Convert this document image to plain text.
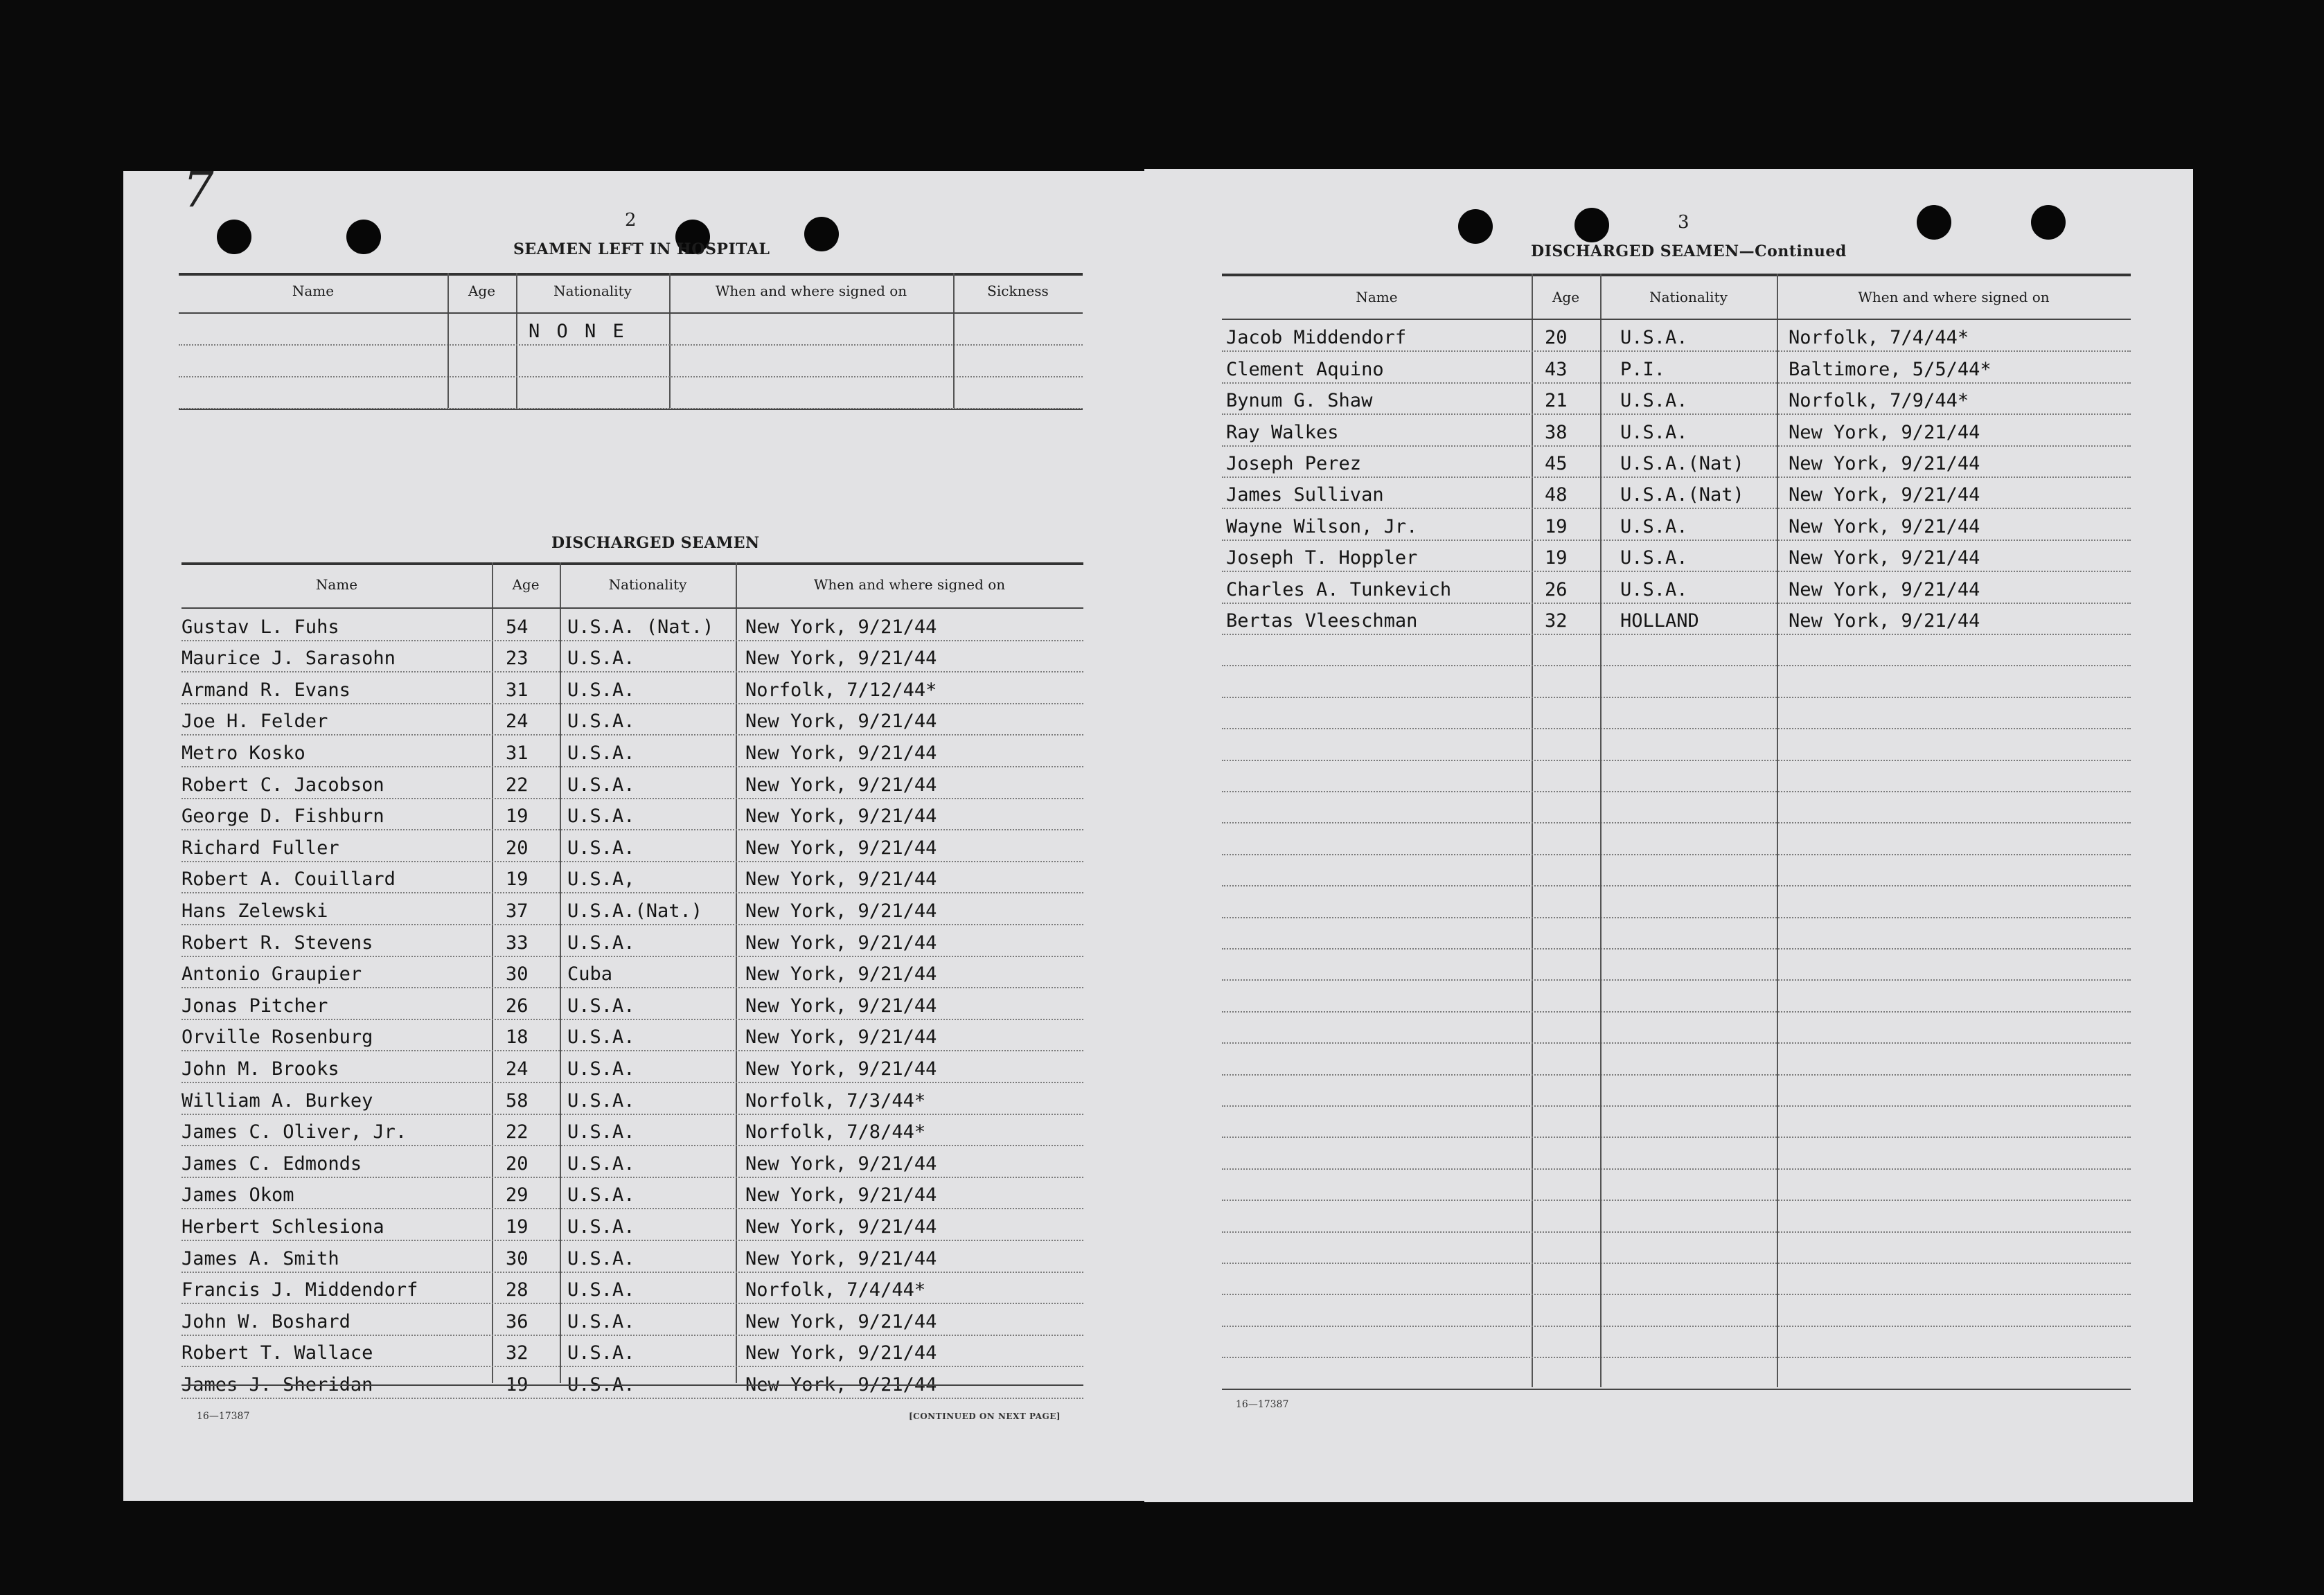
7
2
SEAMEN LEFT IN HOSPITAL
Name	Age	Nationality	When and where signed on	Sickness
N O N E
DISCHARGED SEAMEN
Name	Age	Nationality	When and where signed on
Gustav L. Fuhs	54 U.S.A. (Nat.) New York, 9/21/44
Maurice J. Sarasohn	23 U.S.A.	New York, 9/21/44
Armand R. Evans	31 U.S.A.	Norfolk, 7/12/44*
Joe H. Felder	24 U.S.A.	New York, 9/21/44
Metro Kosko	31 U.S.A.	New York, 9/21/44
Robert C. Jacobson	22 U.S.A.	New York, 9/21/44
George D. Fishburn	19 U.S.A.	New York, 9/21/44
Richard Fuller	20 U.S.A.	New York, 9/21/44
Robert A. Couillard	19 U.S.A,	New York, 9/21/44
Hans Zelewski	37 U.S.A.(Nat.) New York, 9/21/44
Robert R. Stevens	33 U.S.A.	New York, 9/21/44
Antonio Graupier	30 Cuba	New York, 9/21/44
Jonas Pitcher	26 U.S.A.	New York, 9/21/44
Orville Rosenburg	18 U.S.A.	New York, 9/21/44
John M. Brooks	24 U.S.A.	New York, 9/21/44
William A. Burkey	58 U.S.A.	Norfolk, 7/3/44*
James C. Oliver, Jr.	22 U.S.A.	Norfolk, 7/8/44*
James C. Edmonds	20 U.S.A.	New York, 9/21/44
James Okom	29 U.S.A.	New York, 9/21/44
Herbert Schlesiona	19 U.S.A.	New York, 9/21/44
James A. Smith	30 U.S.A.	New York, 9/21/44
Francis J. Middendorf	28 U.S.A.	Norfolk, 7/4/44*
John W. Boshard	36 U.S.A.	New York, 9/21/44
Robert T. Wallace	32 U.S.A.	New York, 9/21/44
James J. Sheridan	19 U.S.A.	New York, 9/21/44
16—17387	[CONTINUED ON NEXT PAGE]
3
DISCHARGED SEAMEN—Continued
Name	Age	Nationality	When and where signed on
Jacob Middendorf	20	U.S.A.	Norfolk, 7/4/44*
Clement Aquino	43	P.I.	Baltimore, 5/5/44*
Bynum G. Shaw	21	U.S.A.	Norfolk, 7/9/44*
Ray Walkes	38	U.S.A.	New York, 9/21/44
Joseph Perez	45	U.S.A.(Nat) New York, 9/21/44
James Sullivan	48	U.S.A.(Nat) New York, 9/21/44
Wayne Wilson, Jr.	19	U.S.A.	New York, 9/21/44
Joseph T. Hoppler	19	U.S.A.	New York, 9/21/44
Charles A. Tunkevich	26	U.S.A.	New York, 9/21/44
Bertas Vleeschman	32	HOLLAND	New York, 9/21/44
16—17387
